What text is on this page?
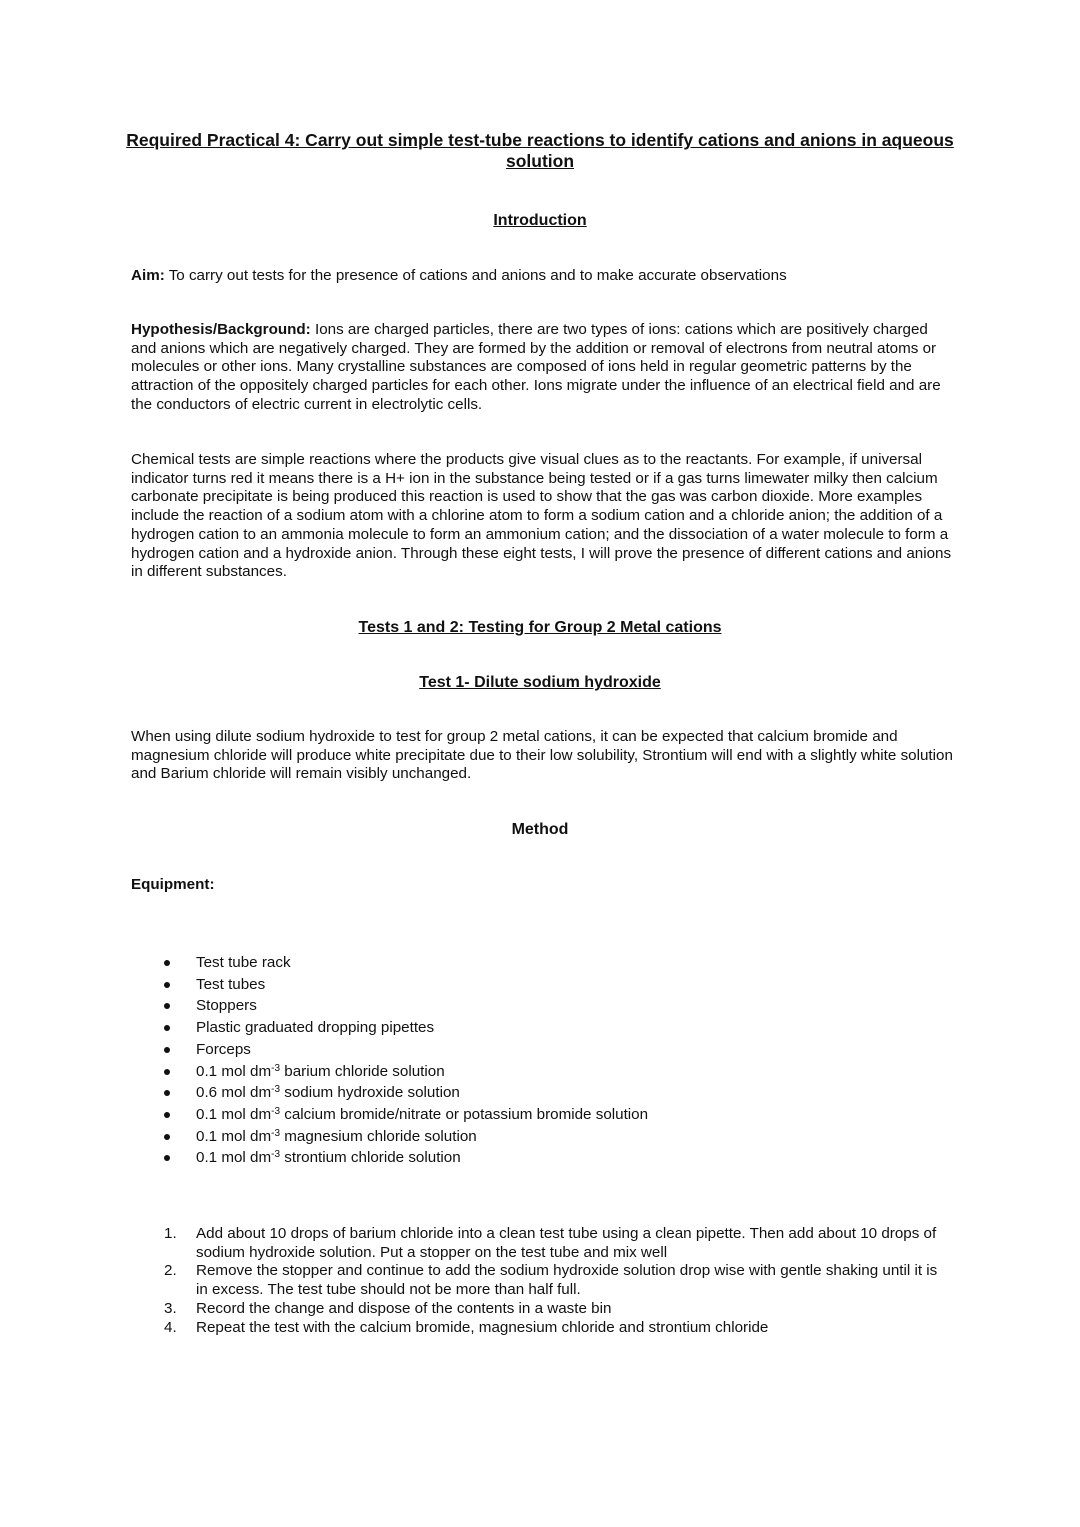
Required Practical 4: Carry out simple test-tube reactions to identify cations and anions in aqueous solution
Introduction
Aim: To carry out tests for the presence of cations and anions and to make accurate observations
Hypothesis/Background: Ions are charged particles, there are two types of ions: cations which are positively charged and anions which are negatively charged. They are formed by the addition or removal of electrons from neutral atoms or molecules or other ions. Many crystalline substances are composed of ions held in regular geometric patterns by the attraction of the oppositely charged particles for each other. Ions migrate under the influence of an electrical field and are the conductors of electric current in electrolytic cells.
Chemical tests are simple reactions where the products give visual clues as to the reactants. For example, if universal indicator turns red it means there is a H+ ion in the substance being tested or if a gas turns limewater milky then calcium carbonate precipitate is being produced this reaction is used to show that the gas was carbon dioxide. More examples include the reaction of a sodium atom with a chlorine atom to form a sodium cation and a chloride anion; the addition of a hydrogen cation to an ammonia molecule to form an ammonium cation; and the dissociation of a water molecule to form a hydrogen cation and a hydroxide anion. Through these eight tests, I will prove the presence of different cations and anions in different substances.
Tests 1 and 2: Testing for Group 2 Metal cations
Test 1- Dilute sodium hydroxide
When using dilute sodium hydroxide to test for group 2 metal cations, it can be expected that calcium bromide and magnesium chloride will produce white precipitate due to their low solubility, Strontium will end with a slightly white solution and Barium chloride will remain visibly unchanged.
Method
Equipment:
Test tube rack
Test tubes
Stoppers
Plastic graduated dropping pipettes
Forceps
0.1 mol $dm^{-3}$ barium chloride solution
0.6 mol $dm^{-3}$ sodium hydroxide solution
0.1 mol $dm^{-3}$ calcium bromide/nitrate or potassium bromide solution
0.1 mol $dm^{-3}$ magnesium chloride solution
0.1 mol $dm^{-3}$ strontium chloride solution
1. Add about 10 drops of barium chloride into a clean test tube using a clean pipette. Then add about 10 drops of sodium hydroxide solution. Put a stopper on the test tube and mix well
2. Remove the stopper and continue to add the sodium hydroxide solution drop wise with gentle shaking until it is in excess. The test tube should not be more than half full.
3. Record the change and dispose of the contents in a waste bin
4. Repeat the test with the calcium bromide, magnesium chloride and strontium chloride
